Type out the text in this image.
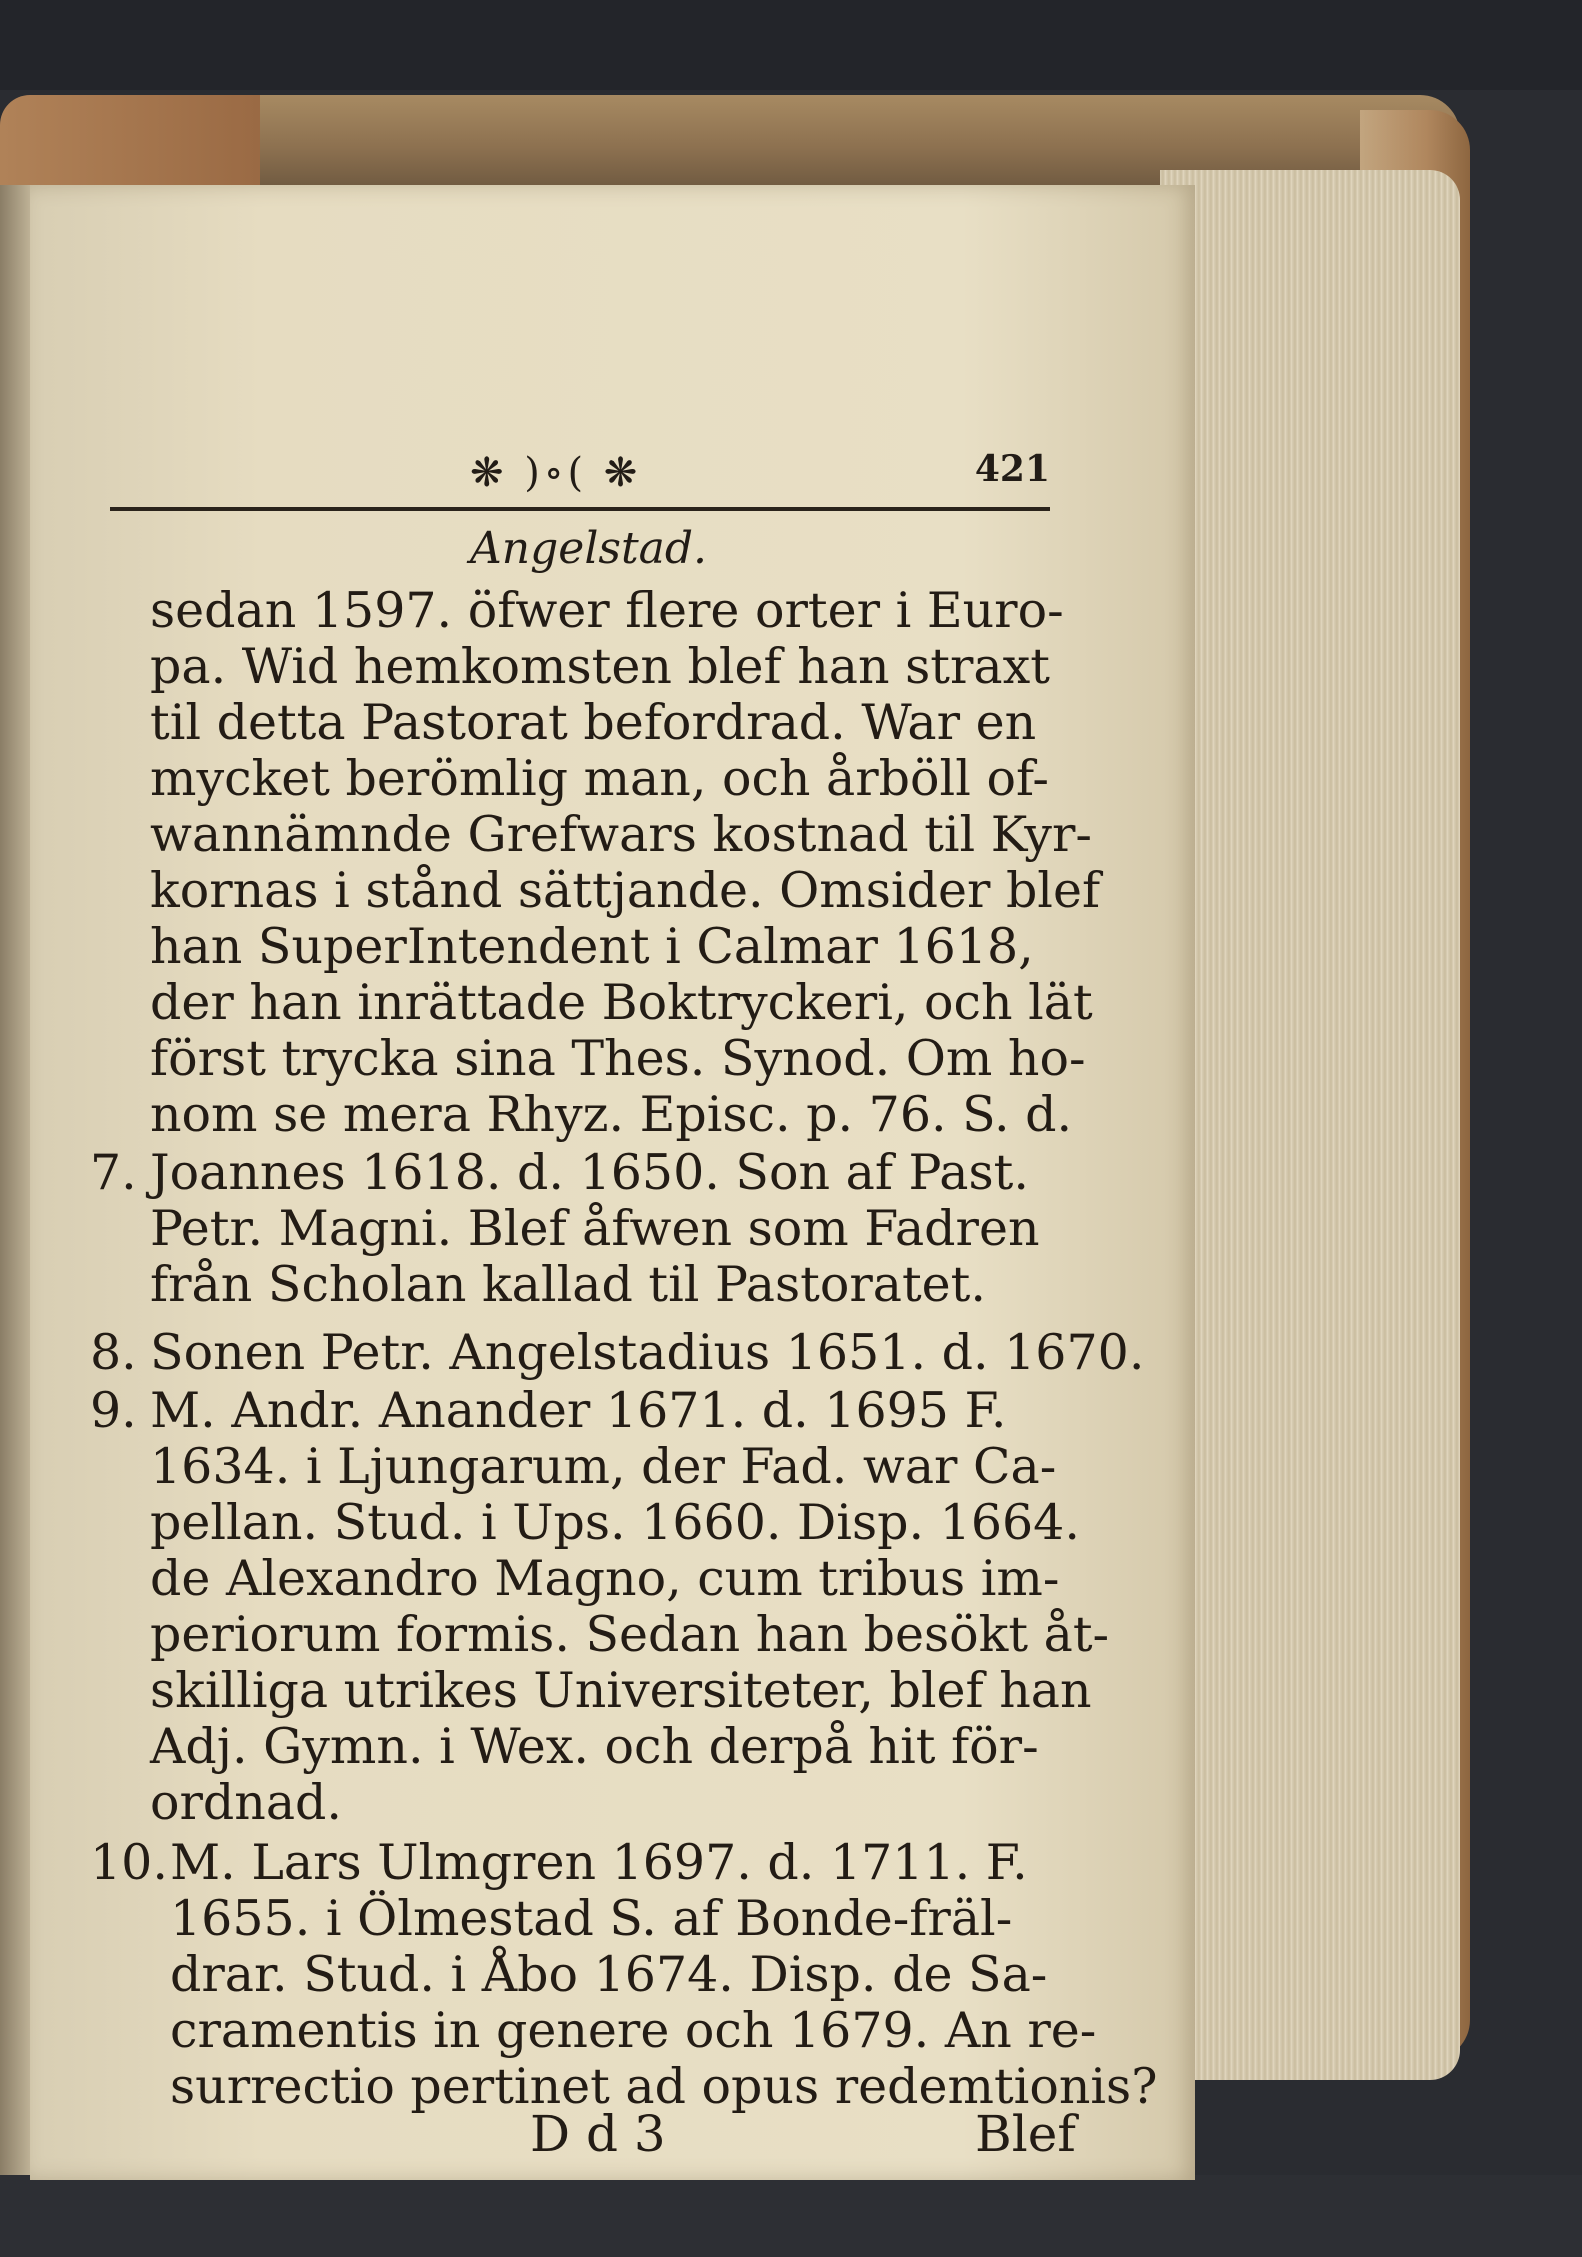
❋ )∘( ❋	421
Angelstad.
sedan 1597. öfwer flere orter i Euro-
pa. Wid hemkomsten blef han straxt
til detta Pastorat befordrad. War en
mycket berömlig man, och årböll of-
wannämnde Grefwars kostnad til Kyr-
kornas i stånd sättjande. Omsider blef
han SuperIntendent i Calmar 1618,
der han inrättade Boktryckeri, och lät
först trycka sina Thes. Synod. Om ho-
nom se mera Rhyz. Episc. p. 76. S. d.
7. Joannes 1618. d. 1650. Son af Past.
Petr. Magni. Blef åfwen som Fadren
från Scholan kallad til Pastoratet.
8. Sonen Petr. Angelstadius 1651. d. 1670.
9. M. Andr. Anander 1671. d. 1695 F.
1634. i Ljungarum, der Fad. war Ca-
pellan. Stud. i Ups. 1660. Disp. 1664.
de Alexandro Magno, cum tribus im-
periorum formis. Sedan han besökt åt-
skilliga utrikes Universiteter, blef han
Adj. Gymn. i Wex. och derpå hit för-
ordnad.
10. M. Lars Ulmgren 1697. d. 1711. F.
1655. i Ölmestad S. af Bonde-fräl-
drar. Stud. i Åbo 1674. Disp. de Sa-
cramentis in genere och 1679. An re-
surrectio pertinet ad opus redemtionis?
D d 3	Blef
